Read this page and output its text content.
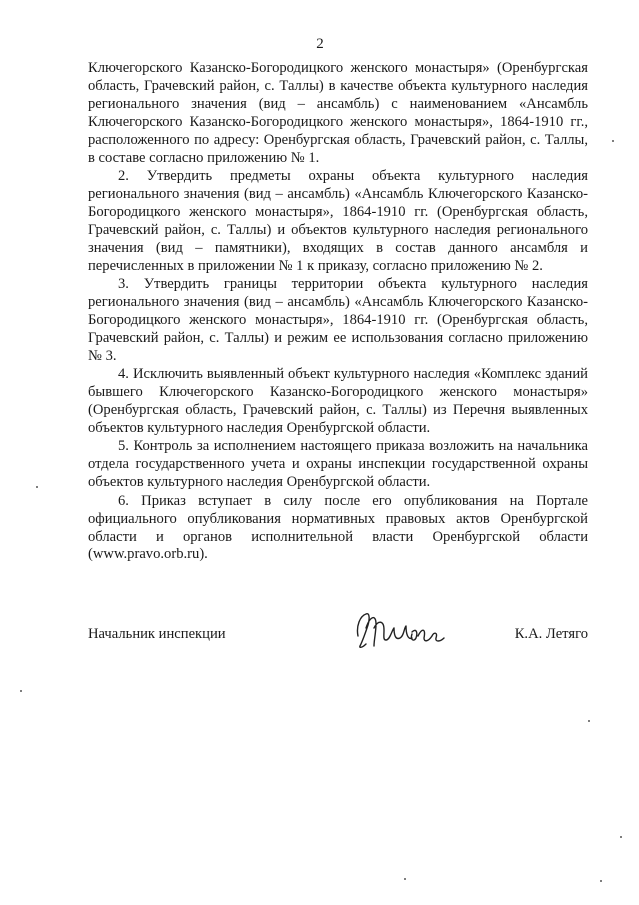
2

Ключегорского Казанско-Богородицкого женского монастыря» (Оренбургская область, Грачевский район, с. Таллы) в качестве объекта культурного наследия регионального значения (вид – ансамбль) с наименованием «Ансамбль Ключегорского Казанско-Богородицкого женского монастыря», 1864-1910 гг., расположенного по адресу: Оренбургская область, Грачевский район, с. Таллы, в составе согласно приложению № 1.

2. Утвердить предметы охраны объекта культурного наследия регионального значения (вид – ансамбль) «Ансамбль Ключегорского Казанско-Богородицкого женского монастыря», 1864-1910 гг. (Оренбургская область, Грачевский район, с. Таллы) и объектов культурного наследия регионального значения (вид – памятники), входящих в состав данного ансамбля и перечисленных в приложении № 1 к приказу, согласно приложению № 2.

3. Утвердить границы территории объекта культурного наследия регионального значения (вид – ансамбль) «Ансамбль Ключегорского Казанско-Богородицкого женского монастыря», 1864-1910 гг. (Оренбургская область, Грачевский район, с. Таллы) и режим ее использования согласно приложению № 3.

4. Исключить выявленный объект культурного наследия «Комплекс зданий бывшего Ключегорского Казанско-Богородицкого женского монастыря» (Оренбургская область, Грачевский район, с. Таллы) из Перечня выявленных объектов культурного наследия Оренбургской области.

5. Контроль за исполнением настоящего приказа возложить на начальника отдела государственного учета и охраны инспекции государственной охраны объектов культурного наследия Оренбургской области.

6. Приказ вступает в силу после его опубликования на Портале официального опубликования нормативных правовых актов Оренбургской области и органов исполнительной власти Оренбургской области (www.pravo.orb.ru).

Начальник инспекции	К.А. Летяго
